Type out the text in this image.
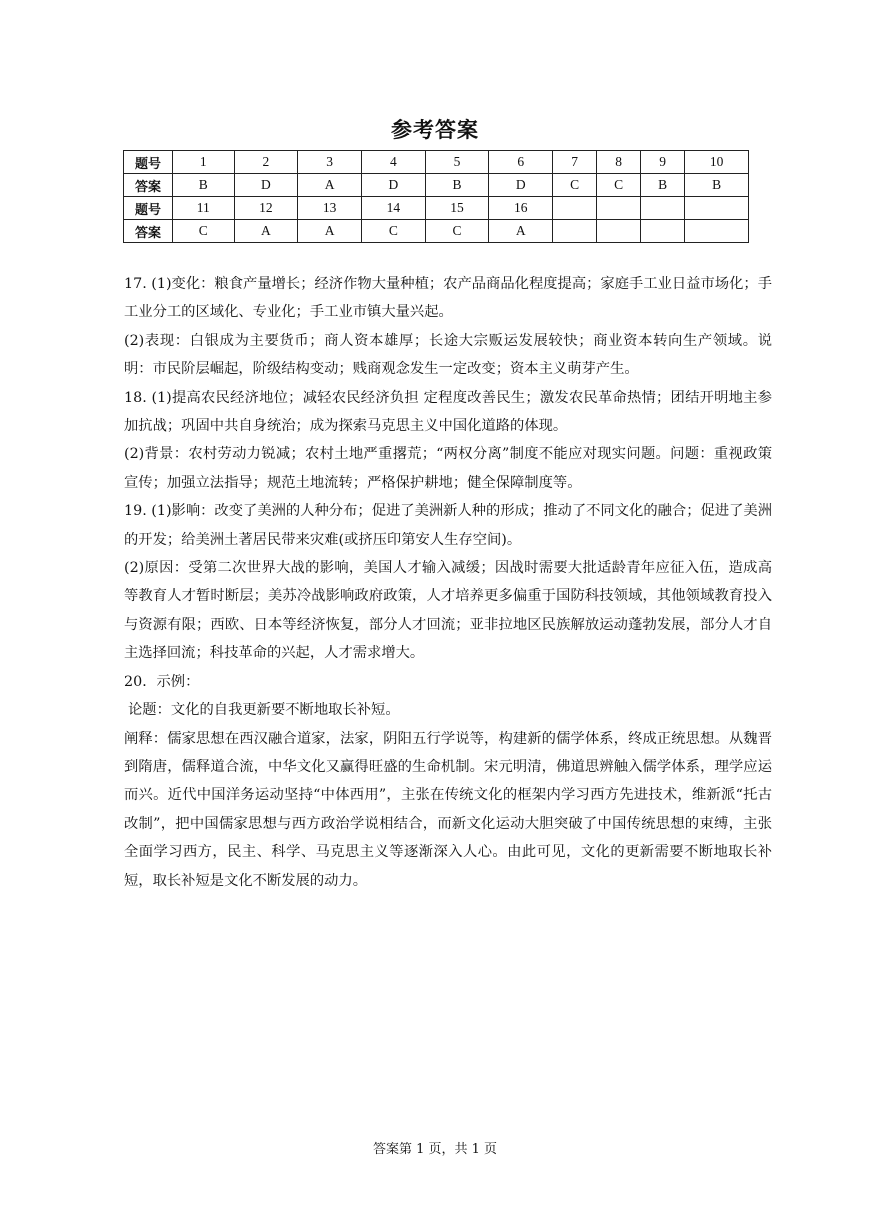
参考答案
题号	1	2	3	4	5	6	7	8	9	10
答案	B	D	A	D	B	D	C	C	B	B
题号	11	12	13	14	15	16				
答案	C	A	A	C	C	A				

17. (1)变化：粮食产量增长；经济作物大量种植；农产品商品化程度提高；家庭手工业日益市场化；手工业分工的区域化、专业化；手工业市镇大量兴起。

(2)表现：白银成为主要货币；商人资本雄厚；长途大宗贩运发展较快；商业资本转向生产领域。说明：市民阶层崛起，阶级结构变动；贱商观念发生一定改变；资本主义萌芽产生。

18. (1)提高农民经济地位；减轻农民经济负担 定程度改善民生；激发农民革命热情；团结开明地主参加抗战；巩固中共自身统治；成为探索马克思主义中国化道路的体现。

(2)背景：农村劳动力锐减；农村土地严重撂荒；“两权分离”制度不能应对现实问题。问题：重视政策宣传；加强立法指导；规范土地流转；严格保护耕地；健全保障制度等。

19. (1)影响：改变了美洲的人种分布；促进了美洲新人种的形成；推动了不同文化的融合；促进了美洲的开发；给美洲土著居民带来灾难(或挤压印第安人生存空间)。

(2)原因：受第二次世界大战的影响，美国人才输入减缓；因战时需要大批适龄青年应征入伍，造成高等教育人才暂时断层；美苏冷战影响政府政策，人才培养更多偏重于国防科技领域，其他领域教育投入与资源有限；西欧、日本等经济恢复，部分人才回流；亚非拉地区民族解放运动蓬勃发展，部分人才自主选择回流；科技革命的兴起，人才需求增大。

20．示例：

论题：文化的自我更新要不断地取长补短。

阐释：儒家思想在西汉融合道家，法家，阴阳五行学说等，构建新的儒学体系，终成正统思想。从魏晋到隋唐，儒释道合流，中华文化又赢得旺盛的生命机制。宋元明清，佛道思辨触入儒学体系，理学应运而兴。近代中国洋务运动坚持“中体西用”，主张在传统文化的框架内学习西方先进技术，维新派“托古改制”，把中国儒家思想与西方政治学说相结合，而新文化运动大胆突破了中国传统思想的束缚，主张全面学习西方，民主、科学、马克思主义等逐渐深入人心。由此可见，文化的更新需要不断地取长补短，取长补短是文化不断发展的动力。

答案第 1 页，共 1 页
